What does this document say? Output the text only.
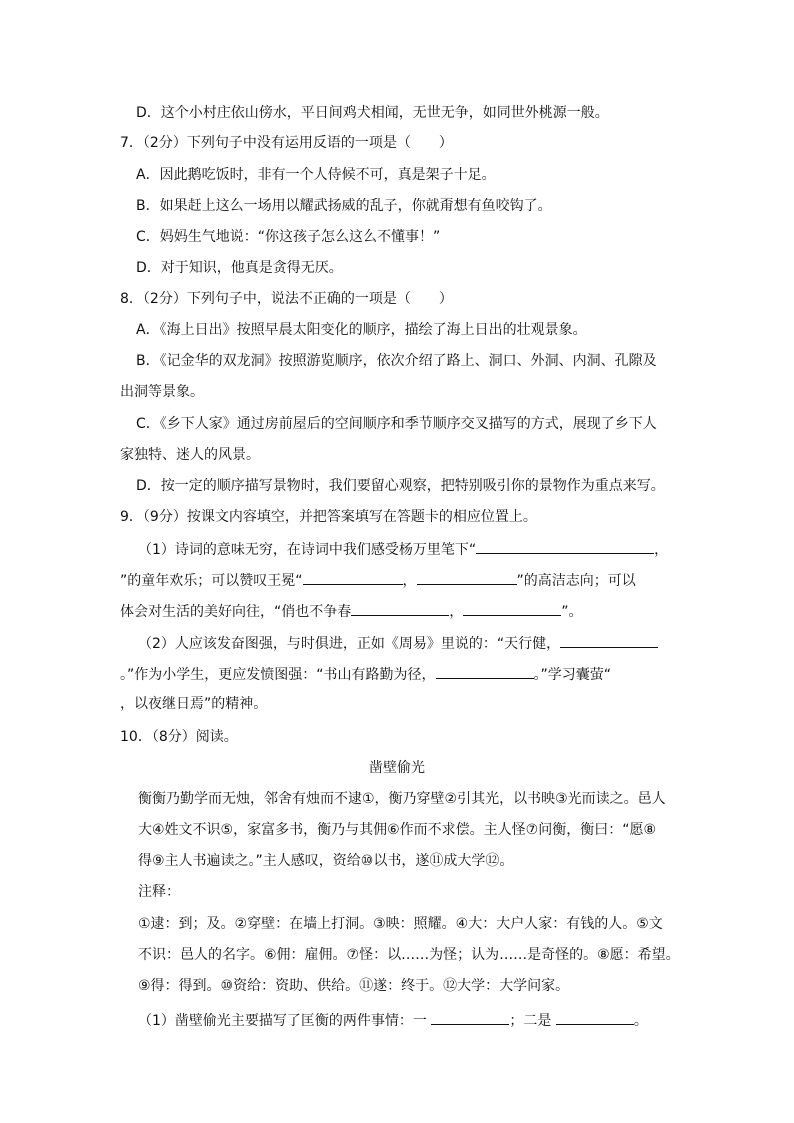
D．这个小村庄依山傍水，平日间鸡犬相闻，无世无争，如同世外桃源一般。
7．（2分）下列句子中没有运用反语的一项是（　　）
A．因此鹅吃饭时，非有一个人侍候不可，真是架子十足。
B．如果赶上这么一场用以耀武扬威的乱子，你就甭想有鱼咬钩了。
C．妈妈生气地说：“你这孩子怎么这么不懂事！”
D．对于知识，他真是贪得无厌。
8．（2分）下列句子中，说法不正确的一项是（　　）
A．《海上日出》按照早晨太阳变化的顺序，描绘了海上日出的壮观景象。
B．《记金华的双龙洞》按照游览顺序，依次介绍了路上、洞口、外洞、内洞、孔隙及
出洞等景象。
C．《乡下人家》通过房前屋后的空间顺序和季节顺序交叉描写的方式，展现了乡下人
家独特、迷人的风景。
D．按一定的顺序描写景物时，我们要留心观察，把特别吸引你的景物作为重点来写。
9．（9分）按课文内容填空，并把答案填写在答题卡的相应位置上。
（1）诗词的意味无穷，在诗词中我们感受杨万里笔下“	，
”的童年欢乐；可以赞叹王冕“	，	”的高洁志向；可以
体会对生活的美好向往，“俏也不争春	，	”。
（2）人应该发奋图强，与时俱进，正如《周易》里说的：“天行健，
。”作为小学生，更应发愤图强：“书山有路勤为径，	。”学习囊萤“
，以夜继日焉”的精神。
10．（8分）阅读。
凿壁偷光
衡衡乃勤学而无烛，邻舍有烛而不逮①，衡乃穿壁②引其光，以书映③光而读之。邑人
大④姓文不识⑤，家富多书，衡乃与其佣⑥作而不求偿。主人怪⑦问衡，衡曰：“愿⑧
得⑨主人书遍读之。”主人感叹，资给⑩以书，遂⑪成大学⑫。
注释：
①逮：到；及。②穿壁：在墙上打洞。③映：照耀。④大：大户人家：有钱的人。⑤文
不识：邑人的名字。⑥佣：雇佣。⑦怪：以……为怪；认为……是奇怪的。⑧愿：希望。
⑨得：得到。⑩资给：资助、供给。⑪遂：终于。⑫大学：大学问家。
（1）凿壁偷光主要描写了匡衡的两件事情：一	；二是	。
